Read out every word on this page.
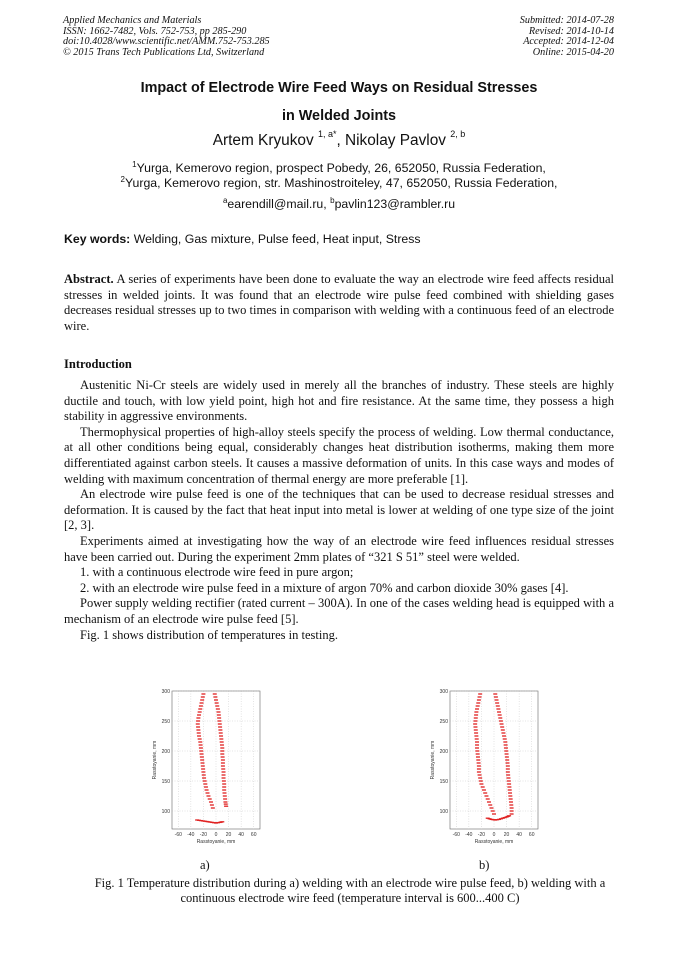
Applied Mechanics and Materials
ISSN: 1662-7482, Vols. 752-753, pp 285-290
doi:10.4028/www.scientific.net/AMM.752-753.285
© 2015 Trans Tech Publications Ltd, Switzerland
Submitted: 2014-07-28
Revised: 2014-10-14
Accepted: 2014-12-04
Online: 2015-04-20
Impact of Electrode Wire Feed Ways on Residual Stresses
in Welded Joints
Artem Kryukov $^{1, a*}$, Nikolay Pavlov $^{2, b}$
$^1$Yurga, Kemerovo region, prospect Pobedy, 26, 652050, Russia Federation,
$^2$Yurga, Kemerovo region, str. Mashinostroiteley, 47, 652050, Russia Federation,
$^a$earendill@mail.ru, $^b$pavlin123@rambler.ru
Key words: Welding, Gas mixture, Pulse feed, Heat input, Stress

Abstract. A series of experiments have been done to evaluate the way an electrode wire feed affects residual stresses in welded joints. It was found that an electrode wire pulse feed combined with shielding gases decreases residual stresses up to two times in comparison with welding with a continuous feed of an electrode wire.

Introduction

Austenitic Ni-Cr steels are widely used in merely all the branches of industry. These steels are highly ductile and touch, with low yield point, high hot and fire resistance. At the same time, they possess a high stability in aggressive environments.

Thermophysical properties of high-alloy steels specify the process of welding. Low thermal conductance, at all other conditions being equal, considerably changes heat distribution isotherms, making them more differentiated against carbon steels. It causes a massive deformation of units. In this case ways and modes of welding with maximum concentration of thermal energy are more preferable [1].

An electrode wire pulse feed is one of the techniques that can be used to decrease residual stresses and deformation. It is caused by the fact that heat input into metal is lower at welding of one type size of the joint [2, 3].

Experiments aimed at investigating how the way of an electrode wire feed influences residual stresses have been carried out. During the experiment 2mm plates of “321 S 51” steel were welded.

1. with a continuous electrode wire feed in pure argon;

2. with an electrode wire pulse feed in a mixture of argon 70% and carbon dioxide 30% gases [4].

Power supply welding rectifier (rated current – 300A). In one of the cases welding head is equipped with a mechanism of an electrode wire pulse feed [5].

Fig. 1 shows distribution of temperatures in testing.

-60 -40 -20 0 20 40 60
300
250
200
150
100
Rasstoyanie, mm
Rasstoyanie, mm
-60 -40 -20 0 20 40 60
300
250
200
150
100
Rasstoyanie, mm
Rasstoyanie, mm
a)	b)
Fig. 1 Temperature distribution during a) welding with an electrode wire pulse feed, b) welding with a continuous electrode wire feed (temperature interval is 600...400 C)
